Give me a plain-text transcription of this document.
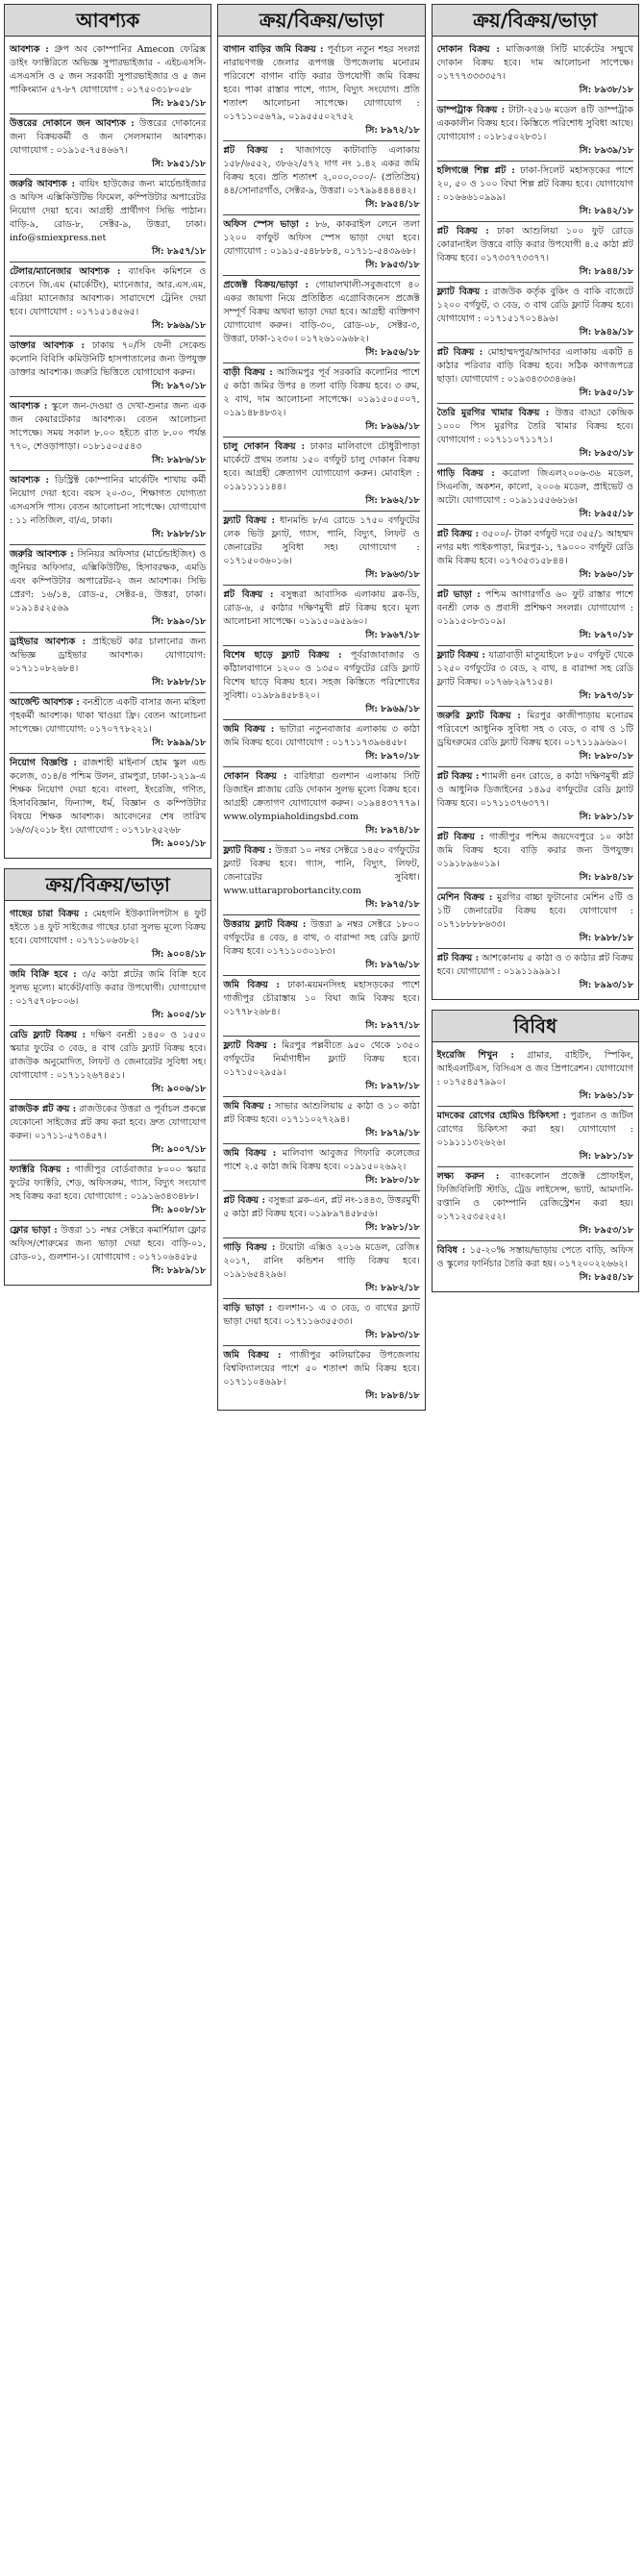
আবশ্যক
আবশ্যক : গ্রুপ অব কোম্পানির Amecon ফেব্রিক্স ডাইং ফ্যাক্টরিতে অভিজ্ঞ সুপারভাইজার - এইচএসসি-এসএসসি ও ৫ জন সরকারী সুপারভাইজার ও ৫ জন পাকিংম্যান ৫৭-৮৭ যোগাযোগ : ০১৭৫০৩১৮০৫৮
সি: ৮৯৫১/১৮
উত্তরের দোকানে জন আবশ্যক : উত্তরের দোকানের জন্য বিক্রয়কর্মী ও জন সেলসম্যান আবশ্যক। যোগাযোগ : ০১৯১৫-৭৫৪৬৬৭।
সি: ৮৯৫১/১৮
জরুরি আবশ্যক : বায়িং হাউজের জন্য মার্চেন্ডাইজার ও অফিস এক্সিকিউটিভ ফিমেল, কম্পিউটার অপারেটর নিয়োগ দেয়া হবে। আগ্রহী প্রার্থীগণ সিভি পাঠান। বাড়ি-৯, রোড-৮, সেক্টর-৯, উত্তরা, ঢাকা। info@smiexpress.net
সি: ৮৯৫৭/১৮
টেলার/ম্যানেজার আবশ্যক : ব্যাংকিং কমিশনে ও বেতনে জি.এম (মার্কেটিং), ম্যানেজার, আর.এস.এম, এরিয়া ম্যানেজার আবশ্যক। সাৱাদেশে ট্রেনিং দেয়া হবে। যোগাযোগ : ০১৭১৫১৪৫৬৫।
সি: ৮৯৬৯/১৮
ডাক্তার আবশ্যক : ঢাকায় ৭০/সি ফেনী সেকেন্ড কলোনি বিবিসি কমিউনিটি হাসপাতালের জন্য উপযুক্ত ডাক্তার আবশ্যক। জরুরি ভিত্তিতে যোগাযোগ করুন।
সি: ৮৯৭০/১৮
আবশ্যক : স্কুলে জন-দেওয়া ও দেখা-শুনার জন্য এক জন কেয়ারটেকার আবশ্যক। বেতন আলোচনা সাপেক্ষে। সময় সকাল ৮.০০ হইতে রাত ৮.০০ পর্যন্ত ৭৭০, শেওড়াপাড়া। ০১৮১৫০৫৫৪৩
সি: ৮৯৮৬/১৮
আবশ্যক : ডিস্ট্রিক্ট কোম্পানির মার্কেটিং শাখায় কর্মী নিয়োগ দেয়া হবে। বয়স ২০-৩০, শিক্ষাগত যোগ্যতা এসএসসি পাস। বেতন আলোচনা সাপেক্ষে। যোগাযোগ : ১১ নতিজিল, বা/এ, ঢাকা।
সি: ৮৯৮৮/১৮
জরুরি আবশ্যক : সিনিয়র অফিসার (মার্চেন্ডাইজিং) ও জুনিয়র অফিসার, এক্সিকিউটিভ, হিসাবরক্ষক, এমডি এবং কম্পিউটার অপারেটর-২ জন আবশ্যক। সিভি প্রেরণ: ১৬/১৪, রোড-৫, সেক্টর-৪, উত্তরা, ঢাকা। ০১৯১৪৫২৫৬৯
সি: ৮৯৯০/১৮
ড্রাইভার আবশ্যক : প্রাইভেট কার চালানোর জন্য অভিজ্ঞ ড্রাইভার আবশ্যক। যোগাযোগ: ০১৭১১০৮২৬৮৪।
সি: ৮৯৮৮/১৮
আর্জেন্ট আবশ্যক : বনশ্রীতে একটি বাসার জন্য মহিলা গৃহকর্মী আবশ্যক। থাকা খাওয়া ফ্রি। বেতন আলোচনা সাপেক্ষে। যোগাযোগ: ০১৭০৭৭৮২২১।
সি: ৮৯৯৯/১৮
নিয়োগ বিজ্ঞপ্তি : রাজশাহী মাইনার্স হোম স্কুল এন্ড কলেজ, ৩১৪/৪ পশ্চিম উলন, রামপুরা, ঢাকা-১২১৯-এ শিক্ষক নিয়োগ দেয়া হবে। বাংলা, ইংরেজি, গণিত, হিসাববিজ্ঞান, ফিন্যান্স, ধর্ম, বিজ্ঞান ও কম্পিউটার বিষয়ে শিক্ষক আবশ্যক। আবেদনের শেষ তারিখ ১৬/৩/২০১৮ ইং। যোগাযোগ : ০১৭১৮২৫২৬৮
সি: ৯০০১/১৮
ক্রয়/বিক্রয়/ভাড়া
গাছের চারা বিক্রয় : মেহগনি ইউক্যালিপটাস ৪ ফুট হইতে ১৪ ফুট সাইজের গাছের চারা সুলভ মূল্যে বিক্রয় হবে। যোগাযোগ : ০১৭১১০৬৩৮২।
সি: ৯০০৪/১৮
জমি বিক্রি হবে : ৩/৫ কাঠা প্লটের জমি বিক্রি হবে সুলভ মূল্যে। মার্কেট/বাড়ি করার উপযোগী। যোগাযোগ : ০১৭৫৭০৮০০৬।
সি: ৯০০৫/১৮
রেডি ফ্ল্যাট বিক্রয় : দক্ষিণ বনশ্রী ১৪৫০ ও ১৫৫০ স্কয়ার ফুটের ৩ বেড, ৪ বাথ রেডি ফ্ল্যাট বিক্রয় হবে। রাজউক অনুমোদিত, লিফট ও জেনারেটর সুবিধা সহ। যোগাযোগ : ০১৭১১২৬৭৪৫১।
সি: ৯০০৬/১৮
রাজউক প্লট ক্রয় : রাজউকের উত্তরা ও পূর্বাচল প্রকল্পে যেকোনো সাইজের প্লট ক্রয় করা হবে। দ্রুত যোগাযোগ করুন। ০১৭১১-৫৭৩৪৫৭।
সি: ৯০০৭/১৮
ফ্যাক্টরি বিক্রয় : গাজীপুর বোর্ডবাজার ৮০০০ স্কয়ার ফুটের ফ্যাক্টরি, শেড, অফিসরুম, গ্যাস, বিদ্যুৎ সংযোগ সহ বিক্রয় করা হবে। যোগাযোগ : ০১৯১৬৩৪৩৪৮৮।
সি: ৯০০৮/১৮
ফ্লোর ভাড়া : উত্তরা ১১ নম্বর সেক্টরে কমার্শিয়াল ফ্লোর অফিস/শোরুমের জন্য ভাড়া দেয়া হবে। বাড়ি-০১, রোড-০১, গুলশান-১। যোগাযোগ : ০১৭১০৬৪৫৮৫
সি: ৮৯৮৯/১৮
ক্রয়/বিক্রয়/ভাড়া
বাগান বাড়ির জমি বিক্রয় : পূর্বাচল নতুন শহর সংলগ্ন নারায়ণগঞ্জ জেলার রূপগঞ্জ উপজেলায় মনোরম পরিবেশে বাগান বাড়ি করার উপযোগী জমি বিক্রয় হবে। পাকা রাস্তার পাশে, গ্যাস, বিদ্যুৎ সংযোগ। প্রতি শতাংশ আলোচনা সাপেক্ষে। যোগাযোগ : ০১৭১১০৫৬৭৯, ০১৯৫৫৫০২৭৫২
সি: ৮৯৭২/১৮
প্লট বিক্রয় : খাজাগড়ে কাটাবাড়ি এলাকায় ১৫৮/৬৫৫২, ৩৮৬২/৫৭২ দাগ নং ১.৪২ একর জমি বিক্রয় হবে। প্রতি শতাংশ ২,০০০,০০০/- (প্রতিপ্রিয়) ৪৪/সোনারগাঁও, সেক্টর-৯, উত্তরা। ০১৭৯৯৪৪৪৪৪২।
সি: ৮৯৫৪/১৮
অফিস স্পেস ভাড়া : ৮৬, কাকরাইল লেনে তলা ১২০০ বর্গফুট অফিস স্পেস ভাড়া দেয়া হবে। যোগাযোগ : ০১৯১৫-৫৪৮৮৮৪, ০১৭১১-৫৪৩৯৬৮।
সি: ৮৯৫৩/১৮
প্রজেক্ট বিক্রয়/ভাড়া : গোয়ালখালী-সবুজবাগে ৪০ একর জায়গা নিয়ে প্রতিষ্ঠিত এগ্রোবিজনেস প্রজেক্ট সম্পূর্ণ বিক্রয় অথবা ভাড়া দেয়া হবে। আগ্রহী ব্যক্তিগণ যোগাযোগ করুন। বাড়ি-৩০, রোড-০৮, সেক্টর-৩, উত্তরা, ঢাকা-১২৩০। ০১৭২৬১০৯৬৮২।
সি: ৮৯৫৬/১৮
বাড়ী বিক্রয় : আজিমপুর পূর্ব সরকারি কলোনির পাশে ৫ কাঠা জমির উপর ৪ তলা বাড়ি বিক্রয় হবে। ৩ রুম, ২ বাথ, দাম আলোচনা সাপেক্ষে। ০১৯১৫০৫০০৭, ০১৯১৪৮৪৮৩২।
সি: ৮৯৬৯/১৮
চালু দোকান বিক্রয় : ঢাকার মালিবাগে চৌধুরীপাড়া মার্কেটে প্রথম তলায় ১৫০ বর্গফুট চালু দোকান বিক্রয় হবে। আগ্রহী ক্রেতাগণ যোগাযোগ করুন। মোবাইল : ০১৯১১১১১৪৪।
সি: ৮৯৬২/১৮
ফ্ল্যাট বিক্রয় : ধানমন্ডি ৮/এ রোডে ১৭৫০ বর্গফুটের লেক ভিউ ফ্ল্যাট, গ্যাস, পানি, বিদ্যুৎ, লিফট ও জেনারেটর সুবিধা সহ। যোগাযোগ : ০১৭১৫০৩৬০১৬।
সি: ৮৯৬৩/১৮
প্লট বিক্রয় : বসুন্ধরা আবাসিক এলাকায় ব্লক-ডি, রোড-৬, ৫ কাঠার দক্ষিণমুখী প্লট বিক্রয় হবে। মূল্য আলোচনা সাপেক্ষে। ০১৯১৫০৯৫৯৬০।
সি: ৮৯৬৭/১৮
বিশেষ ছাড়ে ফ্ল্যাট বিক্রয় : পূর্বরাজাবাজার ও কাঁঠালবাগানে ১২০০ ও ১৩৫০ বর্গফুটের রেডি ফ্ল্যাট বিশেষ ছাড়ে বিক্রয় হবে। সহজ কিস্তিতে পরিশোধের সুবিধা। ০১৯৮৯৪৫৮৪২০।
সি: ৮৯৬৯/১৮
জমি বিক্রয় : ভাটারা নতুনবাজার এলাকায় ৩ কাঠা জমি বিক্রয় হবে। যোগাযোগ : ০১৭১১৭৩৯৬৪৫৮।
সি: ৮৯৭০/১৮
দোকান বিক্রয় : বারিধারা গুলশান এলাকায় সিটি ডিজাইন প্লাজায় রেডি দোকান সুলভ মূল্যে বিক্রয় হবে। আগ্রহী ক্রেতাগণ যোগাযোগ করুন। ০১৯৪৪৩৭৭৭৯। www.olympiaholdingsbd.com
সি: ৮৯৭৪/১৮
ফ্ল্যাট বিক্রয় : উত্তরা ১০ নম্বর সেক্টরে ১৪৫০ বর্গফুটের ফ্ল্যাট বিক্রয় হবে। গ্যাস, পানি, বিদ্যুৎ, লিফট, জেনারেটর সুবিধা। www.uttaraprobortancity.com
সি: ৮৯৭৫/১৮
উত্তরায় ফ্ল্যাট বিক্রয় : উত্তরা ৯ নম্বর সেক্টরে ১৮০০ বর্গফুটের ৪ বেড, ৪ বাথ, ৩ বারান্দা সহ রেডি ফ্ল্যাট বিক্রয় হবে। ০১৭১১০৩০১৮৩।
সি: ৮৯৭৬/১৮
জমি বিক্রয় : ঢাকা-ময়মনসিংহ মহাসড়কের পাশে গাজীপুর চৌরাস্তায় ১০ বিঘা জমি বিক্রয় হবে। ০১৭৭৮২৬৮৪।
সি: ৮৯৭৭/১৮
ফ্ল্যাট বিক্রয় : মিরপুর পল্লবীতে ৯৫০ থেকে ১৩৫০ বর্গফুটের নির্মাণাধীন ফ্ল্যাট বিক্রয় হবে। ০১৭১৫০২৯৫৯।
সি: ৮৯৭৮/১৮
জমি বিক্রয় : সাভার আশুলিয়ায় ৫ কাঠা ও ১০ কাঠা প্লট বিক্রয় হবে। ০১৭১১০২৭২৯৪।
সি: ৮৯৭৯/১৮
জমি বিক্রয় : মালিবাগ আবুজর গিফারি কলেজের পাশে ২.৫ কাঠা জমি বিক্রয় হবে। ০১৯১৫০২৬৯২।
সি: ৮৯৮০/১৮
প্লট বিক্রয় : বসুন্ধরা ব্লক-এন, প্লট নং-১৪৪৩, উত্তরমুখী ৫ কাঠা প্লট বিক্রয় হবে। ০১৯৮৯৭৪৫৮৫৬।
সি: ৮৯৮১/১৮
গাড়ি বিক্রয় : টয়োটা এক্সিও ২০১৬ মডেল, রেজিঃ ২০১৭, রানিং কন্ডিশন গাড়ি বিক্রয় হবে। ০১৯১৬৫৪২৯৬।
সি: ৮৯৮২/১৮
বাড়ি ভাড়া : গুলশান-১ এ ৩ বেড, ৩ বাথের ফ্ল্যাট ভাড়া দেয়া হবে। ০১৭১১৬৩৫৫৩৩।
সি: ৮৯৮৩/১৮
জমি বিক্রয় : গাজীপুর কালিয়াকৈর উপজেলায় বিশ্ববিদ্যালয়ের পাশে ৫০ শতাংশ জমি বিক্রয় হবে। ০১৭১১০৪৬৯৮।
সি: ৮৯৮৪/১৮
ক্রয়/বিক্রয়/ভাড়া
দোকান বিক্রয় : মাজিকগঞ্জ সিটি মার্কেটের সম্মুখে দোকান বিক্রয় হবে। দাম আলোচনা সাপেক্ষে। ০১৭৭৭৩৩৩৩৫৭।
সি: ৮৯৩৮/১৮
ডাম্পট্রাক বিক্রয় : টাটা-২৫১৬ মডেল ৪টি ডাম্পট্রাক এককালীন বিক্রয় হবে। কিস্তিতে পরিশোধ সুবিধা আছে। যোগাযোগ : ০১৮১৫০২৮৩১।
সি: ৮৯৩৯/১৮
হলিগঞ্জে শিল্প প্লট : ঢাকা-সিলেট মহাসড়কের পাশে ২০, ৫০ ও ১০০ বিঘা শিল্প প্লট বিক্রয় হবে। যোগাযোগ : ০১৬৬৬১০৯৯৯।
সি: ৮৯৪২/১৮
প্লট বিক্রয় : ঢাকা আশুলিয়া ১০০ ফুট রোডে কোরানাইল উত্তরে বাড়ি করার উপযোগী ৪.৫ কাঠা প্লট বিক্রয় হবে। ০১৭৩৩৭৭৩৩৭৭।
সি: ৮৯৪৪/১৮
ফ্ল্যাট বিক্রয় : রাজউক কর্তৃক বুকিং ও বাকি বাজেটে ১২০০ বর্গফুট, ৩ বেড, ৩ বাথ রেডি ফ্ল্যাট বিক্রয় হবে। যোগাযোগ : ০১৭১৫১৭০১৪৯৬।
সি: ৮৯৪৯/১৮
প্লট বিক্রয় : মোহাম্মদপুর/আদাবর এলাকায় একটি ৪ কাঠার পরিবার বাড়ি বিক্রয় হবে। সঠিক কাগজপত্রে ছাড়া। যোগাযোগ : ০১৯৩৪৩৩৩৪৬৬।
সি: ৮৯৫০/১৮
তৈরি মুরগির খামার বিক্রয় : উত্তর বাড্ডা কেন্দ্রিক ১০০০ পিস মুরগির তৈরি খামার বিক্রয় হবে। যোগাযোগ : ০১৭১১০৭১১৭১।
সি: ৮৯৫৩/১৮
গাড়ি বিক্রয় : করোলা জিএল২০০৬-৩৬ মডেল, সিএনজি, অকশন, কালো, ২০০৬ মডেল, প্রাইভেট ও অটো। যোগাযোগ : ০১৯১১৫৫৬৬১৬।
সি: ৮৯৫৫/১৮
প্লট বিক্রয় : ৩৫০০/- টাকা বর্গফুট দরে ৩৫৫/১ আহম্মদ নগর মধ্য পাইকপাড়া, মিরপুর-১, ৭৯০০০ বর্গফুট রেডি জমি বিক্রয় হবে। ০১৭৩৫৩১৫৮৪৪।
সি: ৮৯৬০/১৮
প্লট ভাড়া : পশ্চিম আগারগাঁও ৬০ ফুট রাস্তার পাশে বনশ্রী লেক ও প্রবাসী প্রশিক্ষণ সংলগ্ন। যোগাযোগ : ০১৯১৫০৮৩১০৯।
সি: ৮৯৭০/১৮
ফ্ল্যাট বিক্রয় : যাত্রাবাড়ী মাতুয়াইলে ৮৫০ বর্গফুট থেকে ১২৫০ বর্গফুটের ৩ বেড, ২ বাথ, ৪ বারান্দা সহ রেডি ফ্ল্যাট বিক্রয়। ০১৭৬৮২৯৭১৫৪।
সি: ৮৯৭৩/১৮
জরুরি ফ্ল্যাট বিক্রয় : মিরপুর কাজীপাড়ায় মনোরম পরিবেশে আধুনিক সুবিধা সহ ৩ বেড, ৩ বাথ ও ১টি ড্রয়িংরুমের রেডি ফ্ল্যাট বিক্রয় হবে। ০১৭১১৯৯৬৯০।
সি: ৮৯৮০/১৮
প্লট বিক্রয় : শ্যামলী ৪নং রোডে, ৪ কাঠা দক্ষিণমুখী প্লট ও আধুনিক ডিজাইনের ১৪৯৫ বর্গফুটের রেডি ফ্ল্যাট বিক্রয় হবে। ০১৭১১৩৭৬৩৭৭।
সি: ৮৯৮১/১৮
প্লট বিক্রয় : গাজীপুর পশ্চিম জয়দেবপুরে ১০ কাঠা জমি বিক্রয় হবে। বাড়ি করার জন্য উপযুক্ত। ০১৯১৮৯৬০১৯।
সি: ৮৯৮৪/১৮
মেশিন বিক্রয় : মুরগির বাচ্চা ফুটানোর মেশিন ৫টি ও ১টি জেনারেটর বিক্রয় হবে। যোগাযোগ : ০১৭১৮৮৮৮৬৩৩।
সি: ৮৯৮৮/১৮
প্লট বিক্রয় : আশকোনায় ৫ কাঠা ও ৩ কাঠার প্লট বিক্রয় হবে। যোগাযোগ : ০১৯১১৯৯৯১।
সি: ৮৯৯৩/১৮
বিবিধ
ইংরেজি শিখুন : গ্রামার, রাইটিং, স্পিকিং, আইএলটিএস, বিসিএস ও জব প্রিপারেশন। যোগাযোগ : ০১৭৫৪৫৭৯৯০।
সি: ৮৯৬১/১৮
মাদকের রোগের হোমিও চিকিৎসা : পুরাতন ও জটিল রোগের চিকিৎসা করা হয়। যোগাযোগ : ০১৯১১১৩২৬২৬।
সি: ৮৯৮১/১৮
লক্ষ্য করুন : ব্যাংকলোন প্রজেক্ট প্রোফাইল, ফিজিবিলিটি স্টাডি, ট্রেড লাইসেন্স, ভ্যাট, আমদানি-রপ্তানি ও কোম্পানি রেজিস্ট্রেশন করা হয়। ০১৭১২৫৩৫২৫২।
সি: ৮৯৫৩/১৮
বিবিধ : ১৫-২০% সস্তায়/ভাড়ায় পেতে বাড়ি, অফিস ও স্কুলের ফার্নিচার তৈরি করা হয়। ০১৭২০০২২৬৬২।
সি: ৮৯৫৪/১৮
